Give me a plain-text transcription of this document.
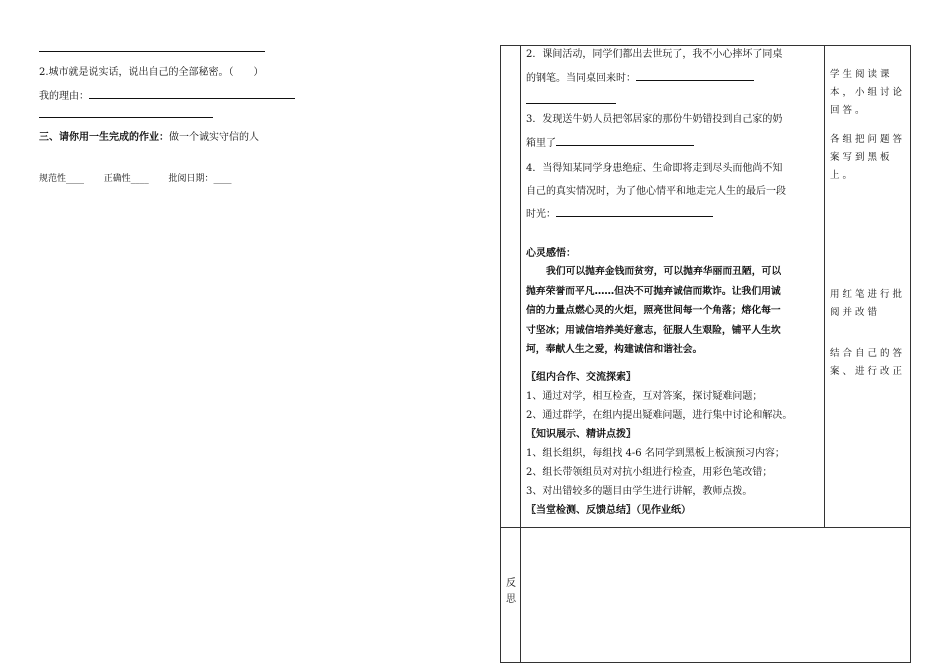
2.城市就是说实话，说出自己的全部秘密。（　　）
我的理由：
三、请你用一生完成的作业：做一个诚实守信的人
规范性____ 正确性____ 批阅日期：____
2．课间活动，同学们都出去世玩了，我不小心摔坏了同桌
的钢笔。当同桌回来时：
3．发现送牛奶人员把邻居家的那份牛奶错投到自己家的奶
箱里了
4．当得知某同学身患绝症、生命即将走到尽头而他尚不知
自己的真实情况时，为了他心情平和地走完人生的最后一段
时光：
心灵感悟：
我们可以抛弃金钱而贫穷，可以抛弃华丽而丑陋，可以
抛弃荣誉而平凡……但决不可抛弃诚信而欺诈。让我们用诚
信的力量点燃心灵的火炬，照亮世间每一个角落；熔化每一
寸坚冰；用诚信培养美好意志，征服人生艰险，铺平人生坎
坷，奉献人生之爱，构建诚信和谐社会。
〖组内合作、交流探索〗
1、通过对学，相互检查，互对答案，探讨疑难问题；
2、通过群学，在组内提出疑难问题，进行集中讨论和解决。
〖知识展示、精讲点拨〗
1、组长组织，每组找 4-6 名同学到黑板上板演预习内容；
2、组长带领组员对对抗小组进行检查，用彩色笔改错；
3、对出错较多的题目由学生进行讲解，教师点拨。
〖当堂检测、反馈总结〗（见作业纸）
学生阅读课本，小组讨论回答。
各组把问题答案写到黑板上。
用红笔进行批阅并改错
结合自己的答案、进行改正
反
思
